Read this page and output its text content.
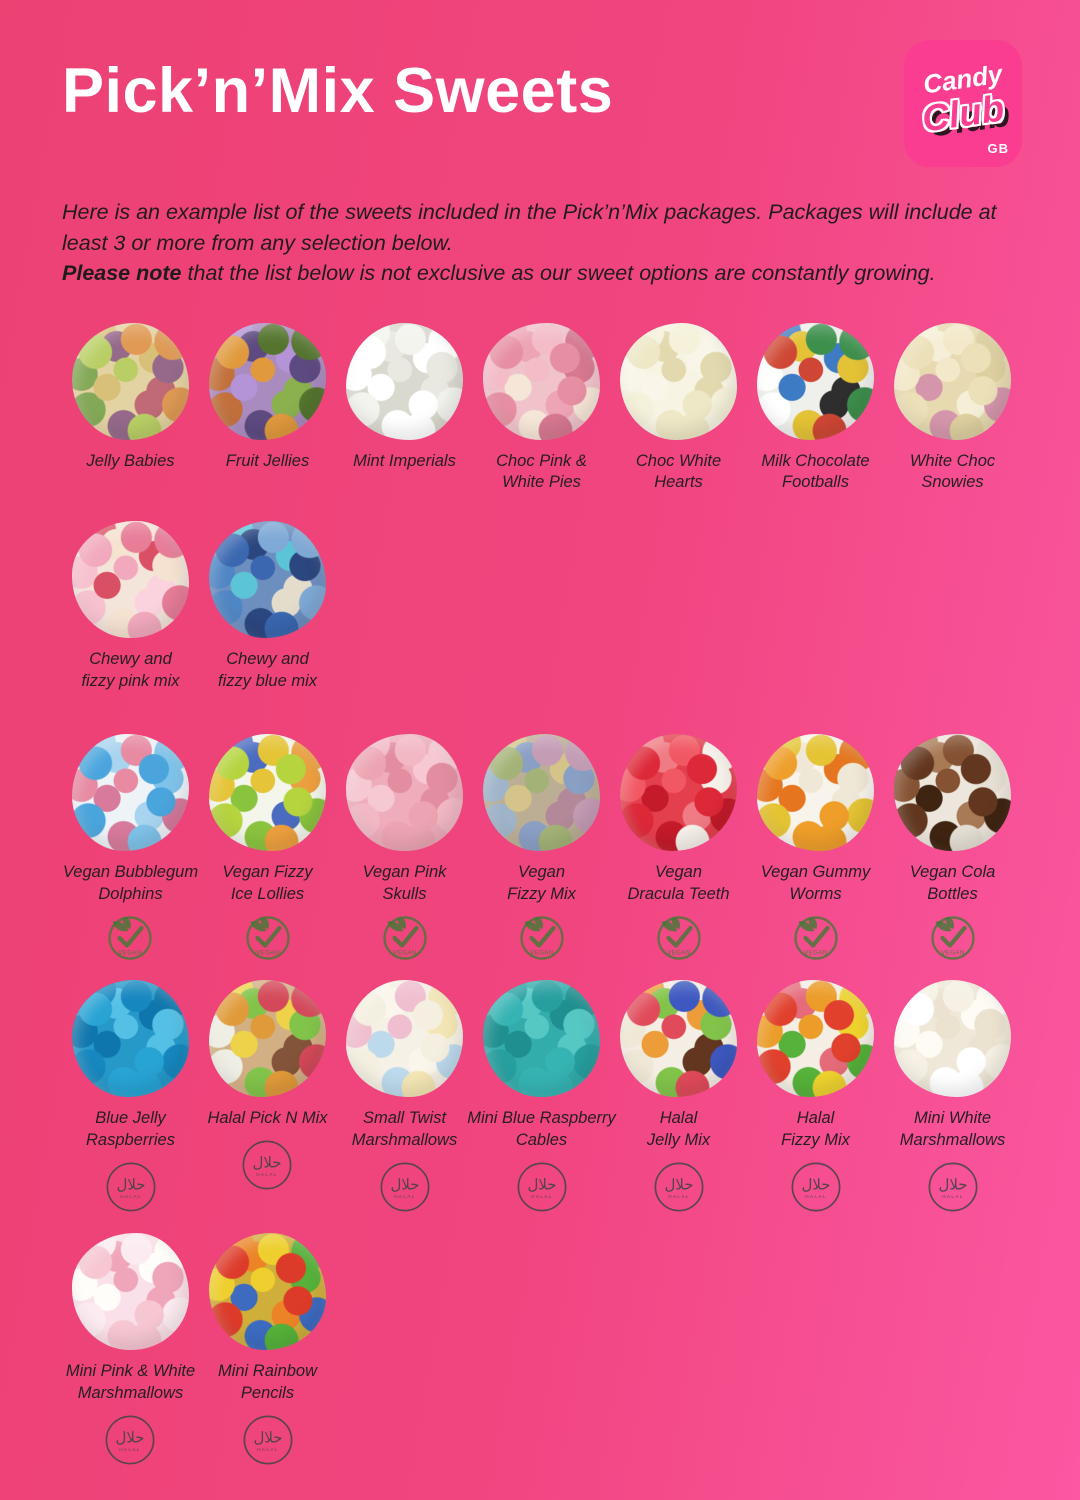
Pick’n’Mix Sweets	Candy
Club
GB

Here is an example list of the sweets included in the Pick’n’Mix packages. Packages will include at least 3 or more from any selection below.
Please note that the list below is not exclusive as our sweet options are constantly growing.

Jelly Babies	Fruit Jellies	Mint Imperials Choc Pink &
White Pies
Choc White
Hearts
Milk Chocolate
Footballs
White Choc
Snowies
Chewy and
fizzy pink mix
Chewy and
fizzy blue mix
Vegan Bubblegum
Dolphins
VEGAN
Vegan Fizzy
Ice Lollies
VEGAN
Vegan Pink
Skulls
VEGAN
Vegan
Fizzy Mix
VEGAN
Vegan
Dracula Teeth
VEGAN
Vegan Gummy
Worms
VEGAN
Vegan Cola
Bottles
VEGAN
Blue Jelly
Raspberries
حلال
HALAL
Halal Pick N Mix
حلال
HALAL
Small Twist
Marshmallows
حلال
HALAL
Mini Blue Raspberry
Cables
حلال
HALAL
Halal
Jelly Mix
حلال
HALAL
Halal
Fizzy Mix
حلال
HALAL
Mini White
Marshmallows
حلال
HALAL
Mini Pink & White
Marshmallows
حلال
HALAL
Mini Rainbow
Pencils
حلال
HALAL
